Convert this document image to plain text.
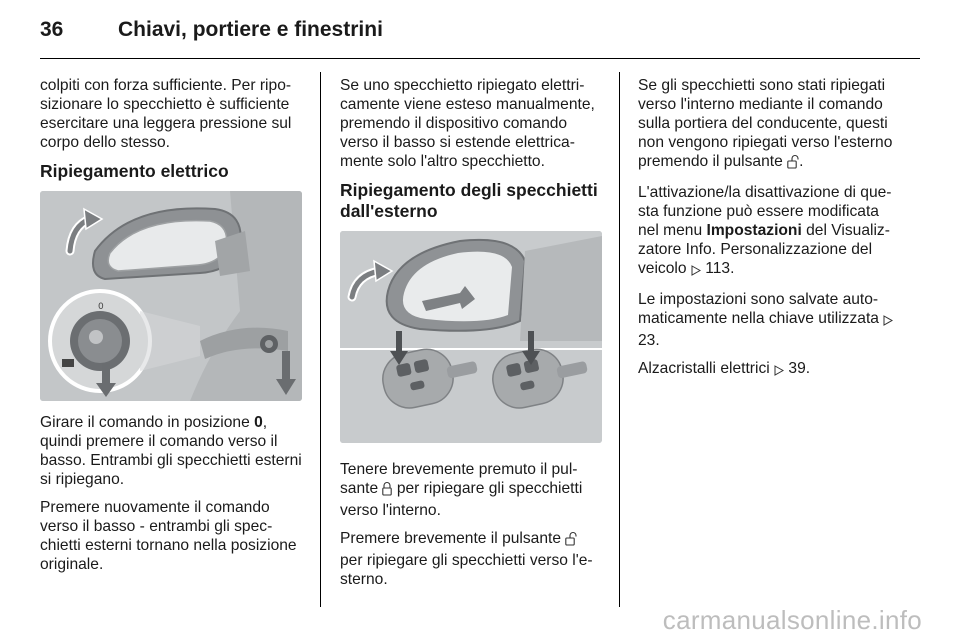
36	Chiavi, portiere e finestrini

colpiti con forza sufficiente. Per ripo-sizionare lo specchietto è sufficiente esercitare una leggera pressione sul corpo dello stesso.

Ripiegamento elettrico
0

Girare il comando in posizione 0, quindi premere il comando verso il basso. Entrambi gli specchietti esterni si ripiegano.

Premere nuovamente il comando verso il basso - entrambi gli spec-chietti esterni tornano nella posizione originale.

Se uno specchietto ripiegato elettri-camente viene esteso manualmente, premendo il dispositivo comando verso il basso si estende elettrica-mente solo l'altro specchietto.

Ripiegamento degli specchietti dall'esterno

Tenere brevemente premuto il pul-sante  per ripiegare gli specchietti verso l'interno.

Premere brevemente il pulsante  per ripiegare gli specchietti verso l'e-sterno.

Se gli specchietti sono stati ripiegati verso l'interno mediante il comando sulla portiera del conducente, questi non vengono ripiegati verso l'esterno premendo il pulsante .

L'attivazione/la disattivazione di que-sta funzione può essere modificata nel menu Impostazioni del Visualiz-zatore Info. Personalizzazione del veicolo  113.

Le impostazioni sono salvate auto-maticamente nella chiave utilizzata  23.

Alzacristalli elettrici  39.

carmanualsonline.info
